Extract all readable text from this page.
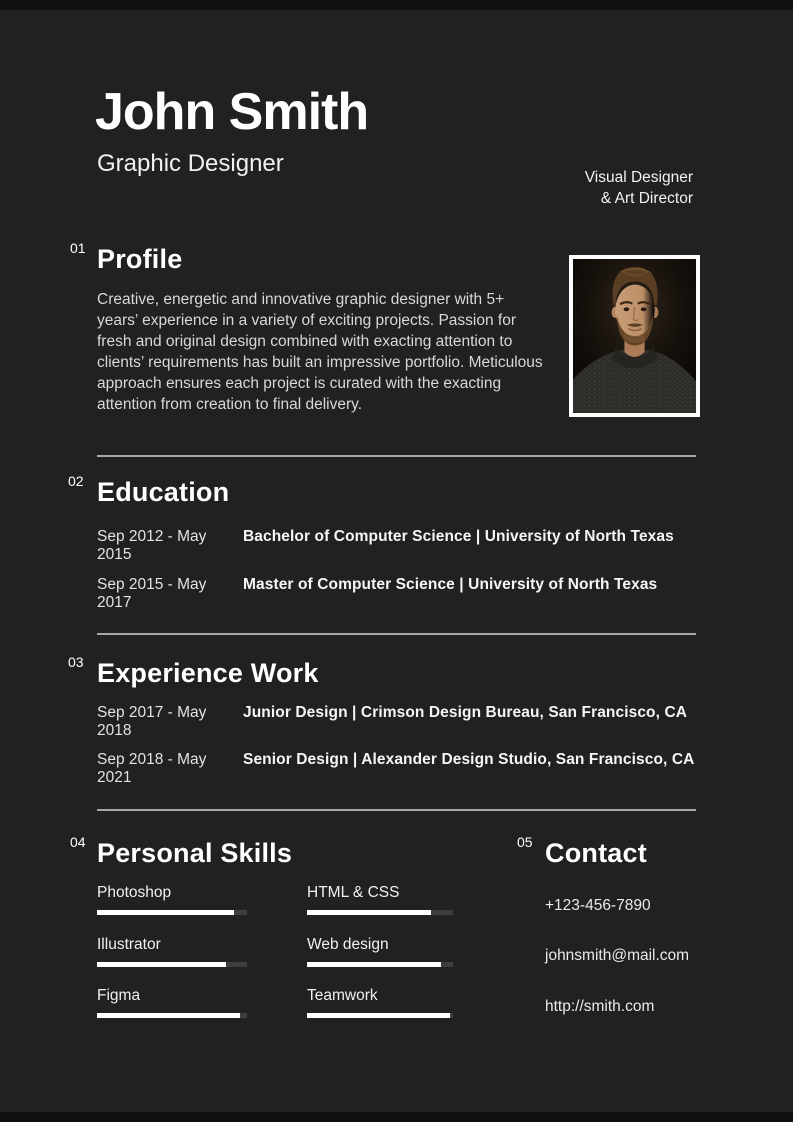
John Smith
Graphic Designer
Visual Designer
& Art Director
01 Profile
Creative, energetic and innovative graphic designer with 5+ years’ experience in a variety of exciting projects. Passion for fresh and original design combined with exacting attention to clients’ requirements has built an impressive portfolio. Meticulous approach ensures each project is curated with the exacting attention from creation to final delivery.
02 Education
Sep 2012 - May 2015
Bachelor of Computer Science | University of North Texas
Sep 2015 - May 2017
Master of Computer Science | University of North Texas
03 Experience Work
Sep 2017 - May 2018
Junior Design | Crimson Design Bureau, San Francisco, CA
Sep 2018 - May 2021
Senior Design | Alexander Design Studio, San Francisco, CA
04 Personal Skills
Photoshop
Illustrator
Figma
HTML & CSS
Web design
Teamwork
05 Contact
+123-456-7890
johnsmith@mail.com
http://smith.com
